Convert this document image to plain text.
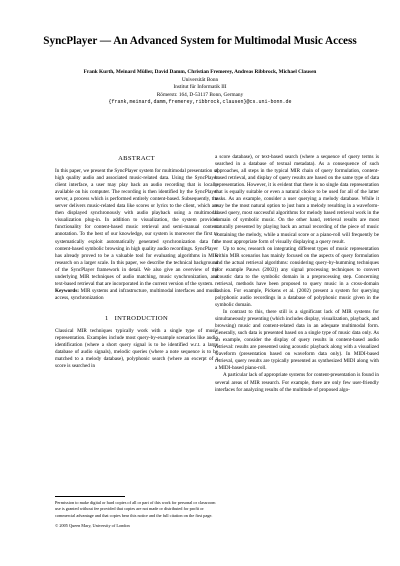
SyncPlayer — An Advanced System for Multimodal Music Access
Frank Kurth, Meinard Müller, David Damm, Christian Fremerey, Andreas Ribbrock, Michael Clausen
Universität Bonn
Institut für Informatik III
Römerstr. 164, D-53117 Bonn, Germany
{frank,meinard,damm,fremerey,ribbrock,clausen}@cs.uni-bonn.de
ABSTRACT

In this paper, we present the SyncPlayer system for multimodal presentation of high quality audio and associated music-related data. Using the SyncPlayer client interface, a user may play back an audio recording that is locally available on his computer. The recording is then identified by the SyncPlayer server, a process which is performed entirely content-based. Subsequently, the server delivers music-related data like scores or lyrics to the client, which are then displayed synchronously with audio playback using a multimodal visualization plug-in. In addition to visualization, the system provides functionality for content-based music retrieval and semi-manual content annotation. To the best of our knowledge, our system is moreover the first to systematically exploit automatically generated synchronization data for content-based symbolic browsing in high quality audio recordings. SyncPlayer has already proved to be a valuable tool for evaluating algorithms in MIR research on a larger scale. In this paper, we describe the technical background of the SyncPlayer framework in detail. We also give an overview of the underlying MIR techniques of audio matching, music synchronization, and text-based retrieval that are incorporated in the current version of the system.

Keywords: MIR systems and infrastructure, multimodal interfaces and music access, synchronization

1 INTRODUCTION

Classical MIR techniques typically work with a single type of music representation. Examples include most query-by-example scenarios like audio identification (where a short query signal is to be identified w.r.t. a large database of audio signals), melodic queries (where a note sequence is to be matched to a melody database), polyphonic search (where an excerpt of a score is searched in

Permission to make digital or hard copies of all or part of this work for personal or classroom use is granted without fee provided that copies are not made or distributed for profit or commercial advantage and that copies bear this notice and the full citation on the first page.

© 2005 Queen Mary, University of London

a score database), or text-based search (where a sequence of query terms is searched in a database of textual metadata). As a consequence of such approaches, all steps in the typical MIR chain of query formulation, content-based retrieval, and display of query results are based on the same type of data representation. However, it is evident that there is no single data representation that is equally suitable or even a natural choice to be used for all of the latter tasks. As an example, consider a user querying a melody database. While it may be the most natural option to just hum a melody resulting in a waveform-based query, most successful algorithms for melody based retrieval work in the domain of symbolic music. On the other hand, retrieval results are most naturally presented by playing back an actual recording of the piece of music containing the melody, while a musical score or a piano-roll will frequently be the most appropriate form of visually displaying a query result.

Up to now, research on integrating different types of music representation within MIR scenarios has mainly focused on the aspects of query formulation and the actual retrieval algorithms: considering query-by-humming techniques (for example Pauws (2002)) any signal processing techniques to convert acoustic data to the symbolic domain in a preprocessing step. Concerning retrieval, methods have been proposed to query music in a cross-domain fashion. For example, Pickens et al. (2002) present a system for querying polyphonic audio recordings in a database of polyphonic music given in the symbolic domain.

In contrast to this, there still is a significant lack of MIR systems for simultaneously presenting (which includes display, visualization, playback, and browsing) music and content-related data in an adequate multimodal form. Generally, such data is presented based on a single type of music data only. As an example, consider the display of query results in content-based audio retrieval: results are presented using acoustic playback along with a visualized waveform (presentation based on waveform data only). In MIDI-based retrieval, query results are typically presented as synthesized MIDI along with a MIDI-based piano-roll.

A particular lack of appropriate systems for content-presentation is found in several areas of MIR research. For example, there are only few user-friendly interfaces for analyzing results of the multitude of proposed algo-
